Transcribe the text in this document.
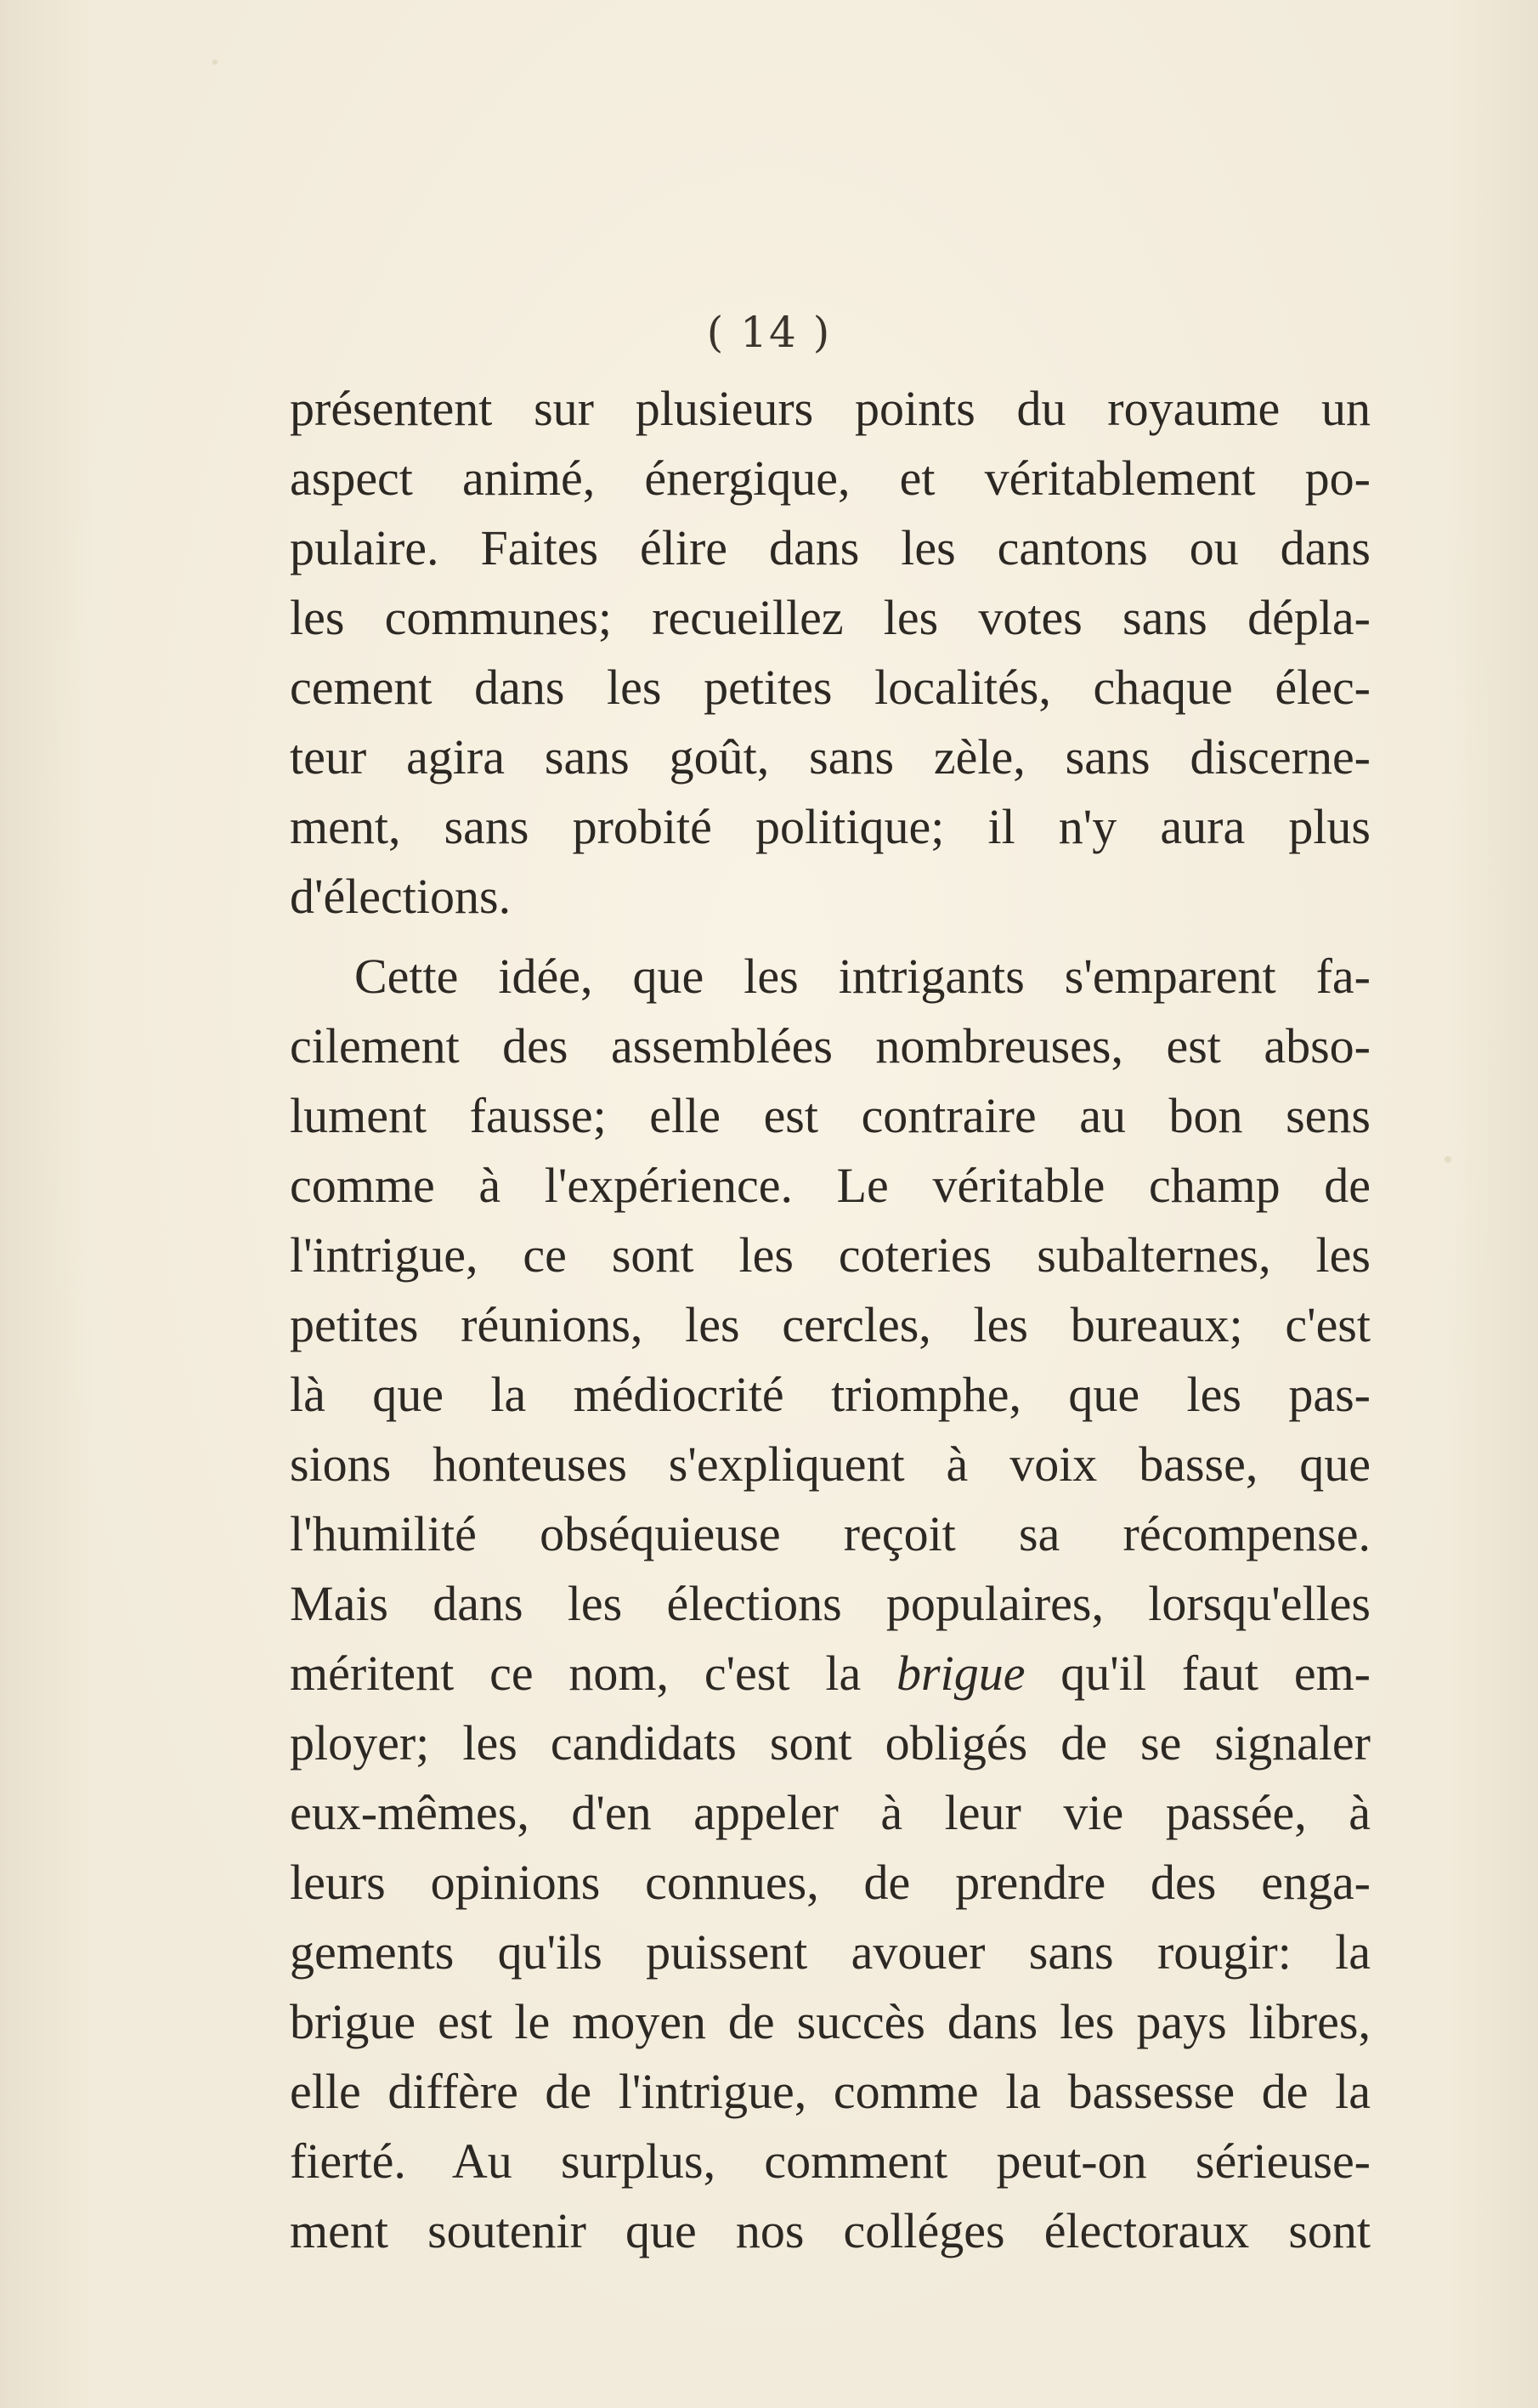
( 14 )
présentent sur plusieurs points du royaume un
aspect animé, énergique, et véritablement po-
pulaire. Faites élire dans les cantons ou dans
les communes; recueillez les votes sans dépla-
cement dans les petites localités, chaque élec-
teur agira sans goût, sans zèle, sans discerne-
ment, sans probité politique; il n'y aura plus
d'élections.
Cette idée, que les intrigants s'emparent fa-
cilement des assemblées nombreuses, est abso-
lument fausse; elle est contraire au bon sens
comme à l'expérience. Le véritable champ de
l'intrigue, ce sont les coteries subalternes, les
petites réunions, les cercles, les bureaux; c'est
là que la médiocrité triomphe, que les pas-
sions honteuses s'expliquent à voix basse, que
l'humilité obséquieuse reçoit sa récompense.
Mais dans les élections populaires, lorsqu'elles
méritent ce nom, c'est la brigue qu'il faut em-
ployer; les candidats sont obligés de se signaler
eux-mêmes, d'en appeler à leur vie passée, à
leurs opinions connues, de prendre des enga-
gements qu'ils puissent avouer sans rougir: la
brigue est le moyen de succès dans les pays libres,
elle diffère de l'intrigue, comme la bassesse de la
fierté. Au surplus, comment peut-on sérieuse-
ment soutenir que nos colléges électoraux sont
